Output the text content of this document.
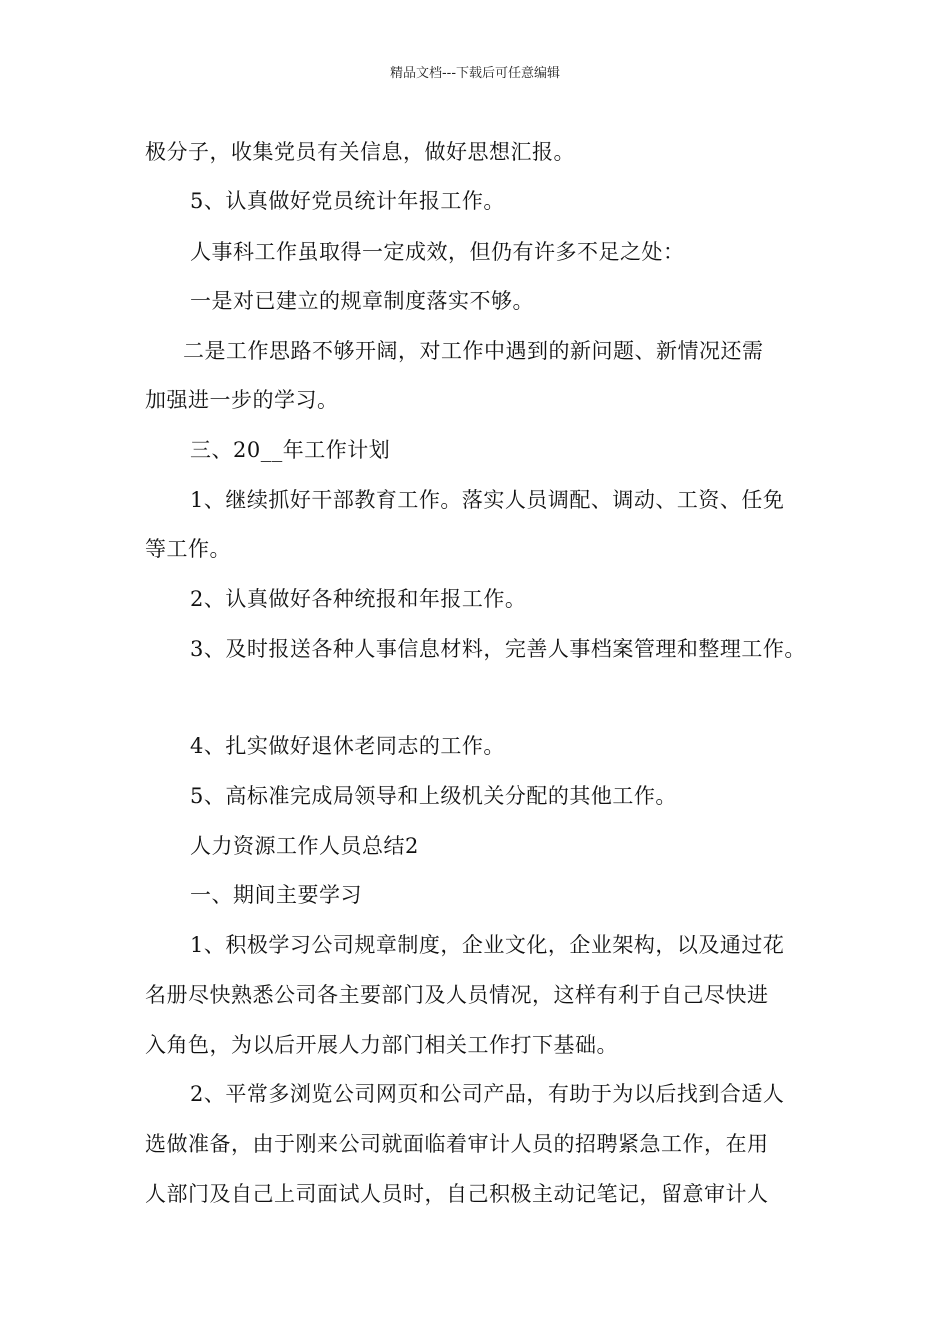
精品文档---下载后可任意编辑
极分子，收集党员有关信息，做好思想汇报。
5、认真做好党员统计年报工作。
人事科工作虽取得一定成效，但仍有许多不足之处：
一是对已建立的规章制度落实不够。
二是工作思路不够开阔，对工作中遇到的新问题、新情况还需
加强进一步的学习。
三、20__年工作计划
1、继续抓好干部教育工作。落实人员调配、调动、工资、任免
等工作。
2、认真做好各种统报和年报工作。
3、及时报送各种人事信息材料，完善人事档案管理和整理工作。
4、扎实做好退休老同志的工作。
5、高标准完成局领导和上级机关分配的其他工作。
人力资源工作人员总结2
一、期间主要学习
1、积极学习公司规章制度，企业文化，企业架构，以及通过花
名册尽快熟悉公司各主要部门及人员情况，这样有利于自己尽快进
入角色，为以后开展人力部门相关工作打下基础。
2、平常多浏览公司网页和公司产品，有助于为以后找到合适人
选做准备，由于刚来公司就面临着审计人员的招聘紧急工作，在用
人部门及自己上司面试人员时，自己积极主动记笔记，留意审计人
